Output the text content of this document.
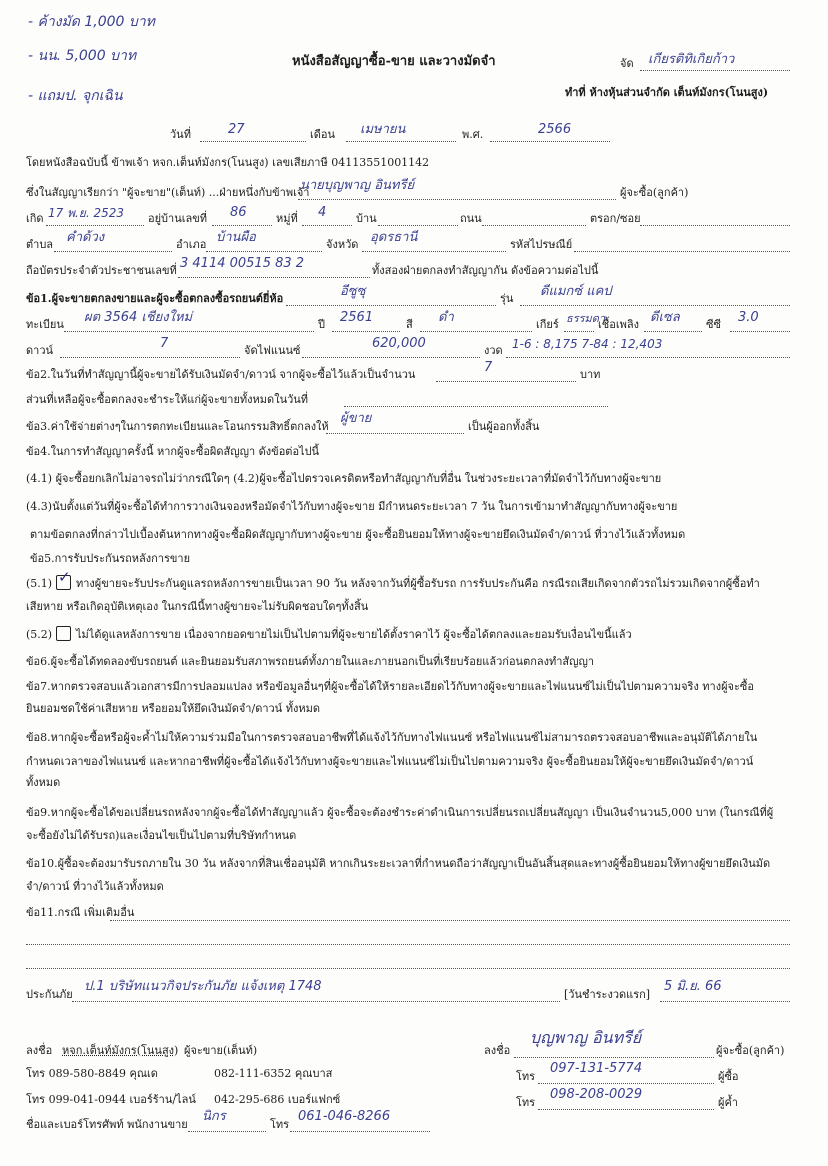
- ค้างมัด 1,000 บาท
- นน. 5,000 บาท
- แถมป. จุกเฉิน
หนังสือสัญญาซื้อ-ขาย และวางมัดจำ	จัด เกียรติทิเกิยก้าว
ทำที่ ห้างหุ้นส่วนจำกัด เต็นท์มังกร(โนนสูง)
วันที่	27	เดือน เมษายน	พ.ศ.	2566
โดยหนังสือฉบับนี้ ข้าพเจ้า หจก.เต็นท์มังกร(โนนสูง) เลขเสียภาษี 04113551001142
ซึ่งในสัญญาเรียกว่า "ผู้จะขาย"(เต็นท์) ...ฝ่ายหนึ่งกับข้าพเจ้า
นายบุญพาญ อินทรีย์	ผู้จะซื้อ(ลูกค้า)
เกิด 17 พ.ย. 2523 อยู่บ้านเลขที่ 86	หมู่ที่ 4	บ้าน	ถนน	ตรอก/ซอย
ตำบล คำด้วง	อำเภอ บ้านผือ	จังหวัด อุดรธานี	รหัสไปรษณีย์
ถือบัตรประจำตัวประชาชนเลขที่ 3 4114 00515 83 2	ทั้งสองฝ่ายตกลงทำสัญญากัน ดังข้อความต่อไปนี้
ข้อ1.ผู้จะขายตกลงขายและผู้จะซื้อตกลงซื้อรถยนต์ยี่ห้อ	อีซูซุ	รุ่น ดีแมกซ์ แคป
ทะเบียน ผต 3564 เชียงใหม่	ปี 2561	สี ดำ	เกียร์ ธรรมดา
เชื้อเพลิง ดีเซล ซีซี 3.0
ดาวน์	7	จัดไฟแนนซ์	620,000	งวด 1-6 : 8,175 7-84 : 12,403
ข้อ2.ในวันที่ทำสัญญานี้ผู้จะขายได้รับเงินมัดจำ/ดาวน์ จากผู้จะซื้อไว้แล้วเป็นจำนวน	7	บาท
ส่วนที่เหลือผู้จะซื้อตกลงจะชำระให้แก่ผู้จะขายทั้งหมดในวันที่
ข้อ3.ค่าใช้จ่ายต่างๆในการตกทะเบียนและโอนกรรมสิทธิ์ตกลงให้
ผู้ขาย
เป็นผู้ออกทั้งสิ้น
ข้อ4.ในการทำสัญญาครั้งนี้ หากผู้จะซื้อผิดสัญญา ดังข้อต่อไปนี้
(4.1) ผู้จะซื้อยกเลิกไม่อาจรถไม่ว่ากรณีใดๆ (4.2)ผู้จะซื้อไปตรวจเครดิตหรือทำสัญญากับที่อื่น ในช่วงระยะเวลาที่มัดจำไว้กับทางผู้จะขาย
(4.3)นับตั้งแต่วันที่ผู้จะซื้อได้ทำการวางเงินจองหรือมัดจำไว้กับทางผู้จะขาย มีกำหนดระยะเวลา 7 วัน ในการเข้ามาทำสัญญากับทางผู้จะขาย
ตามข้อตกลงที่กล่าวไปเบื้องต้นหากทางผู้จะซื้อผิดสัญญากับทางผู้จะขาย ผู้จะซื้อยินยอมให้ทางผู้จะขายยึดเงินมัดจำ/ดาวน์ ที่วางไว้แล้วทั้งหมด
ข้อ5.การรับประกันรถหลังการขาย
(5.1) ✓ ทางผู้ขายจะรับประกันดูแลรถหลังการขายเป็นเวลา 90 วัน หลังจากวันที่ผู้ซื้อรับรถ การรับประกันคือ กรณีรถเสียเกิดจากตัวรถไม่รวมเกิดจากผู้ซื้อทำ
เสียหาย หรือเกิดอุบัติเหตุเอง ในกรณีนี้ทางผู้ขายจะไม่รับผิดชอบใดๆทั้งสิ้น
(5.2) ไม่ได้ดูแลหลังการขาย เนื่องจากยอดขายไม่เป็นไปตามที่ผู้จะขายได้ตั้งราคาไว้ ผู้จะซื้อได้ตกลงและยอมรับเงื่อนไขนี้แล้ว
ข้อ6.ผู้จะซื้อได้ทดลองขับรถยนต์ และยินยอมรับสภาพรถยนต์ทั้งภายในและภายนอกเป็นที่เรียบร้อยแล้วก่อนตกลงทำสัญญา
ข้อ7.หากตรวจสอบแล้วเอกสารมีการปลอมแปลง หรือข้อมูลอื่นๆที่ผู้จะซื้อได้ให้รายละเอียดไว้กับทางผู้จะขายและไฟแนนซ์ไม่เป็นไปตามความจริง ทางผู้จะซื้อ
ยินยอมชดใช้ค่าเสียหาย หรือยอมให้ยึดเงินมัดจำ/ดาวน์ ทั้งหมด
ข้อ8.หากผู้จะซื้อหรือผู้จะค้ำไม่ให้ความร่วมมือในการตรวจสอบอาชีพที่ได้แจ้งไว้กับทางไฟแนนซ์ หรือไฟแนนซ์ไม่สามารถตรวจสอบอาชีพและอนุมัติได้ภายใน
กำหนดเวลาของไฟแนนซ์ และหากอาชีพที่ผู้จะซื้อได้แจ้งไว้กับทางผู้จะขายและไฟแนนซ์ไม่เป็นไปตามความจริง ผู้จะซื้อยินยอมให้ผู้จะขายยึดเงินมัดจำ/ดาวน์
ทั้งหมด
ข้อ9.หากผู้จะซื้อได้ขอเปลี่ยนรถหลังจากผู้จะซื้อได้ทำสัญญาแล้ว ผู้จะซื้อจะต้องชำระค่าดำเนินการเปลี่ยนรถเปลี่ยนสัญญา เป็นเงินจำนวน5,000 บาท (ในกรณีที่ผู้
จะซื้อยังไม่ได้รับรถ)และเงื่อนไขเป็นไปตามที่บริษัทกำหนด
ข้อ10.ผู้ซื้อจะต้องมารับรถภายใน 30 วัน หลังจากที่สินเชื่ออนุมัติ หากเกินระยะเวลาที่กำหนดถือว่าสัญญาเป็นอันสิ้นสุดและทางผู้ซื้อยินยอมให้ทางผู้ขายยึดเงินมัด
จำ/ดาวน์ ที่วางไว้แล้วทั้งหมด
ข้อ11.กรณี เพิ่มเติมอื่น
ประกันภัย
ป.1 บริษัทแนวกิจประกันภัย แจ้งเหตุ 1748
[วันชำระงวดแรก]
5 มิ.ย. 66
ลงชื่อ หจก.เต็นท์มังกร(โนนสูง) ผู้จะขาย(เต็นท์)
โทร 089-580-8849 คุณเด	082-111-6352 คุณบาส
โทร 099-041-0944 เบอร์ร้าน/ไลน์ 042-295-686 เบอร์แฟกซ์
ชื่อและเบอร์โทรศัพท์ พนักงานขาย
นิกร
โทร
061-046-8266
ลงชื่อ
บุญพาญ อินทรีย์
ผู้จะซื้อ(ลูกค้า)
โทร
097-131-5774
ผู้ซื้อ
โทร
098-208-0029
ผู้ค้ำ
